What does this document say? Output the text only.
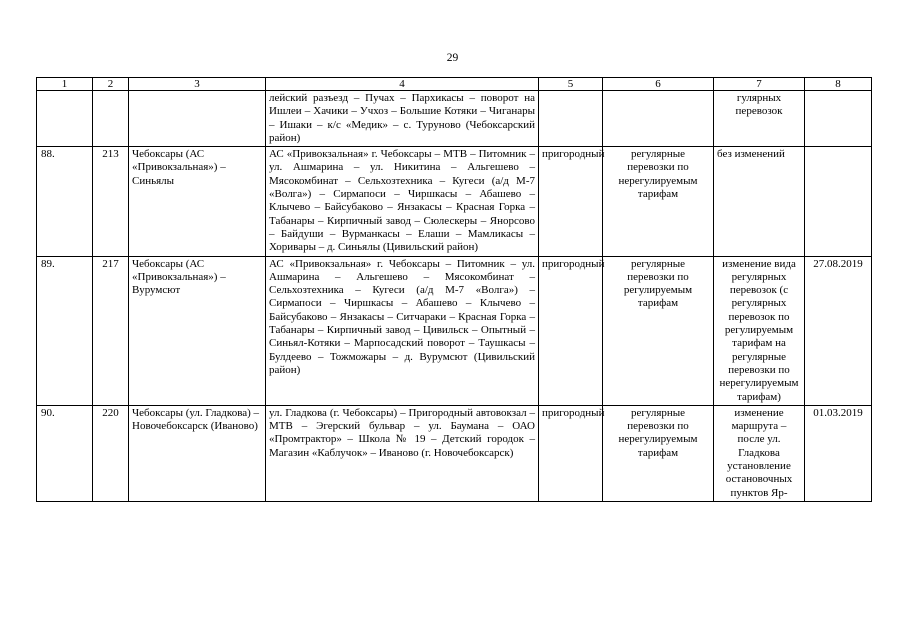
29
1	2	3	4	5	6	7	8
			лейский разъезд – Пучах – Пархикасы – поворот на Ишлеи – Хачики – Учхоз – Большие Котяки – Чиганары – Ишаки – к/с «Медик» – с. Туруново (Чебоксарский район)			гулярных перевозок	
88.	213	Чебоксары (АС «Привокзальная») – Синьялы	АС «Привокзальная» г. Чебоксары – МТВ – Питомник – ул. Ашмарина – ул. Никитина – Альгешево – Мясокомбинат – Сельхозтехника – Кугеси (а/д М-7 «Волга») – Сирмапоси – Чиршкасы – Абашево – Клычево – Байсубаково – Янзакасы – Красная Горка – Табанары – Кирпичный завод – Сюлескеры – Янорсово – Байдуши – Вурманкасы – Елаши – Мамликасы – Хоривары – д. Синьялы (Цивильский район)	пригородный	регулярные перевозки по нерегулируемым тарифам	без изменений	
89.	217	Чебоксары (АС «Привокзальная») – Вурумсют	АС «Привокзальная» г. Чебоксары – Питомник – ул. Ашмарина – Альгешево – Мясокомбинат – Сельхозтехника – Кугеси (а/д М-7 «Волга») – Сирмапоси – Чиршкасы – Абашево – Клычево – Байсубаково – Янзакасы – Ситчараки – Красная Горка – Табанары – Кирпичный завод – Цивильск – Опытный – Синьял-Котяки – Марпосадский поворот – Таушкасы – Булдеево – Тожможары – д. Вурумсют (Цивильский район)	пригородный	регулярные перевозки по регулируемым тарифам	изменение вида регулярных перевозок (с регулярных перевозок по регулируемым тарифам на регулярные перевозки по нерегулируемым тарифам)	27.08.2019
90.	220	Чебоксары (ул. Гладкова) – Новочебоксарск (Иваново)	ул. Гладкова (г. Чебоксары) – Пригородный автовокзал – МТВ – Эгерский бульвар – ул. Баумана – ОАО «Промтрактор» – Школа № 19 – Детский городок – Магазин «Каблучок» – Иваново (г. Новочебоксарск)	пригородный	регулярные перевозки по нерегулируемым тарифам	изменение маршрута – после ул. Гладкова установление остановочных пунктов Яр-	01.03.2019
